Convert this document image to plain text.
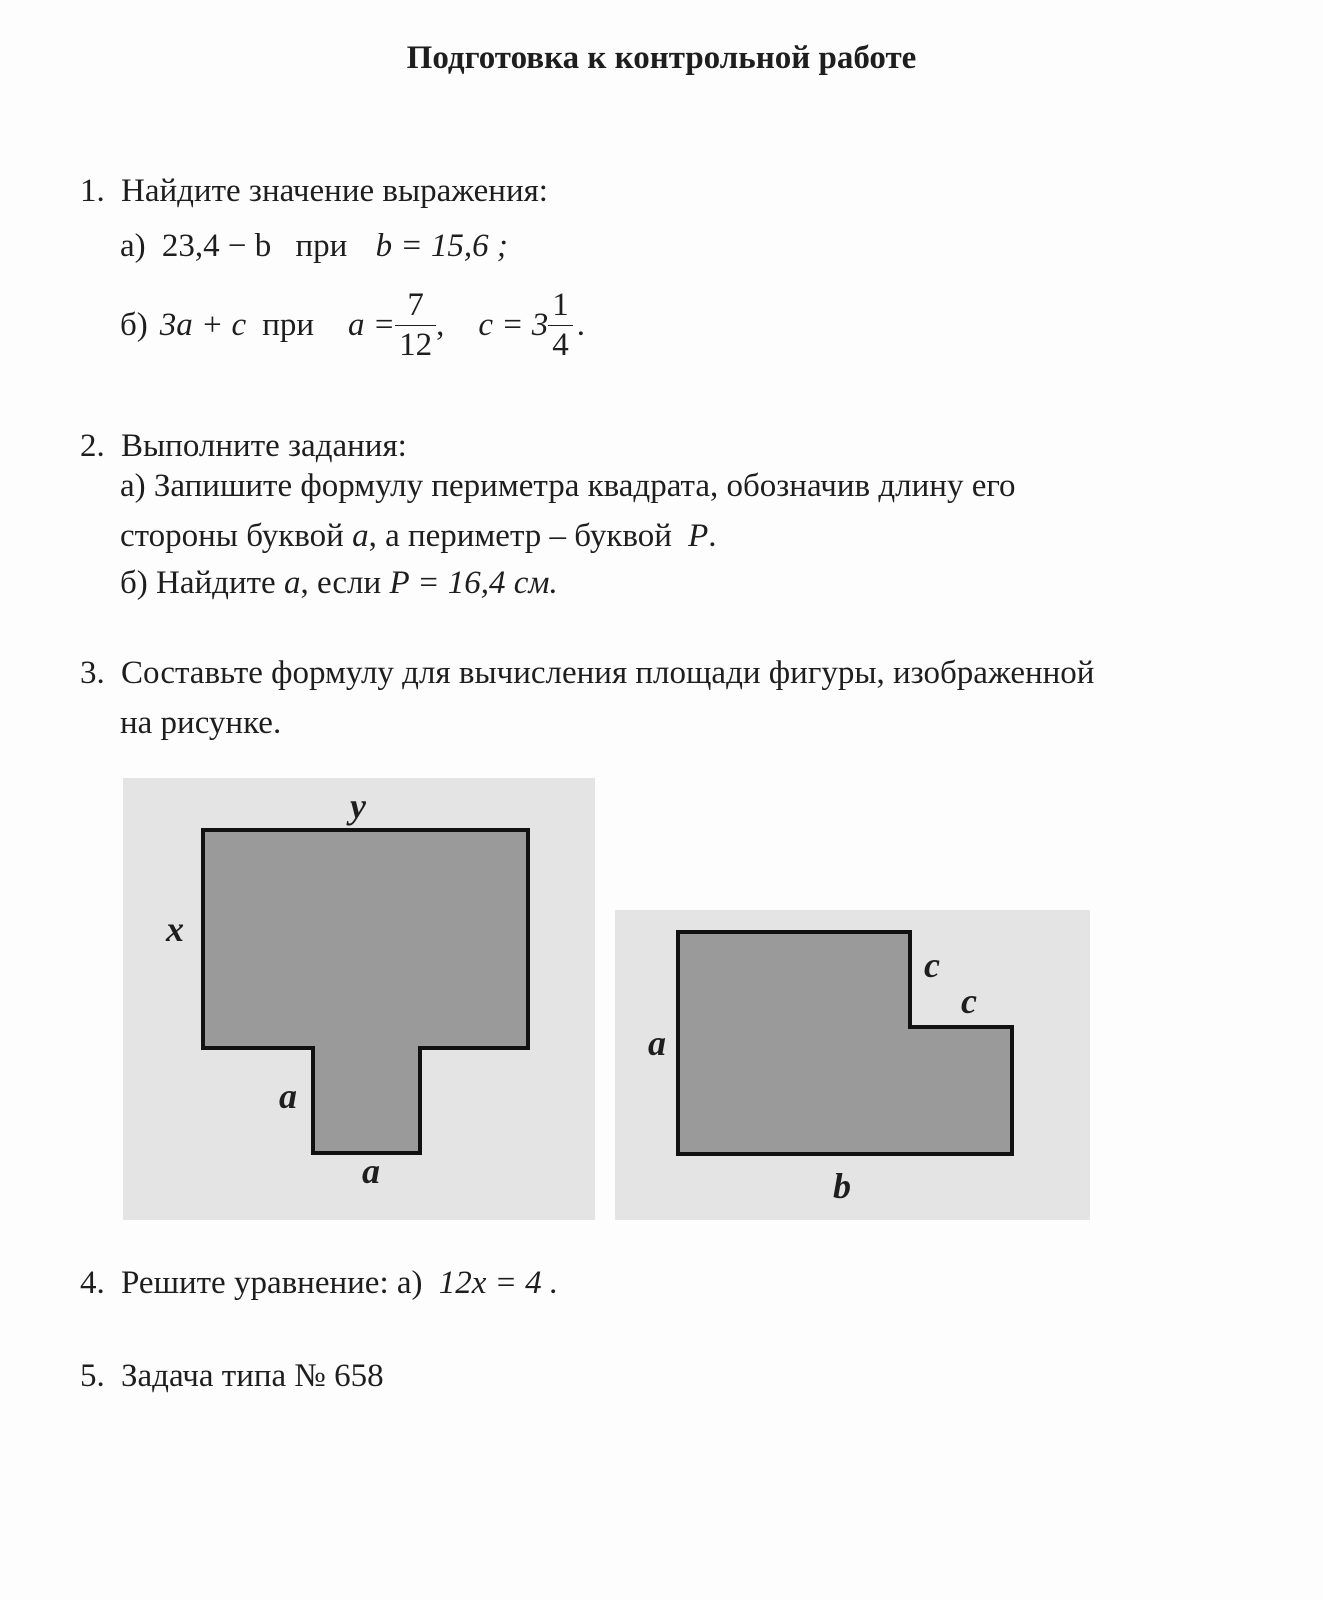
Подготовка к контрольной работе
1. Найдите значение выражения:
а) 23,4 − b при b = 15,6 ;
б) 3a + c при $a = \frac{7}{12}$ , $c = 3 \frac{1}{4}$ .
2. Выполните задания:
а) Запишите формулу периметра квадрата, обозначив длину его
стороны буквой a, а периметр – буквой P.
б) Найдите a, если P = 16,4 см.
3. Составьте формулу для вычисления площади фигуры, изображенной
на рисунке.
y
x
a
a
a
c
c
b
4. Решите уравнение: а) 12x = 4 .
5. Задача типа № 658
